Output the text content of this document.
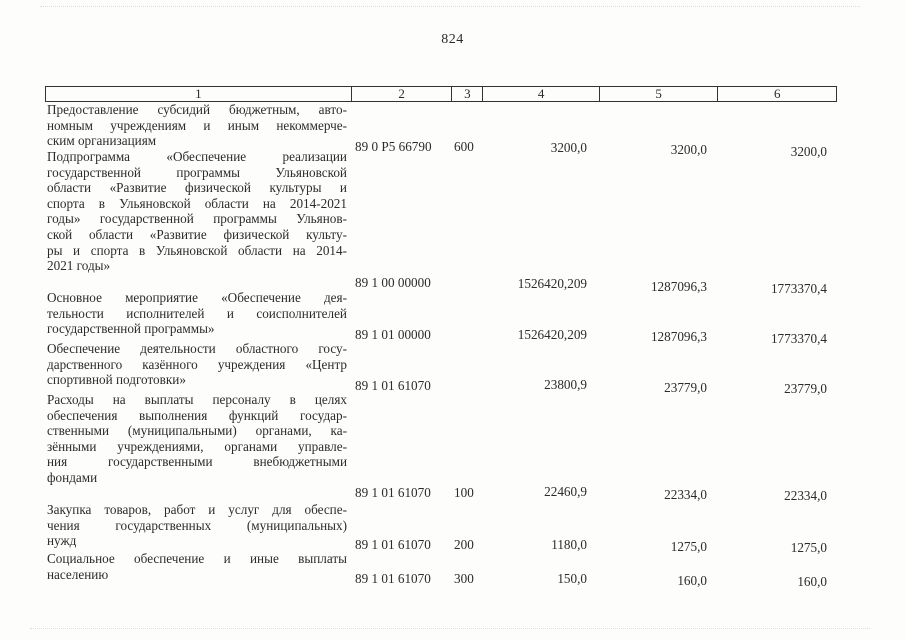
824
1	2	3	4	5	6
Предоставление субсидий бюджетным, авто-
номным учреждениям и иным некоммерче-
ским организациям	89 0 Р5 66790 600	3200,0	3200,0	3200,0
Подпрограмма «Обеспечение реализации
государственной программы Ульяновской
области «Развитие физической культуры и
спорта в Ульяновской области на 2014-2021
годы» государственной программы Ульянов-
ской области «Развитие физической культу-
ры и спорта в Ульяновской области на 2014-
2021 годы»
89 1 00 00000	1526420,209	1287096,3	1773370,4
Основное мероприятие «Обеспечение дея-
тельности исполнителей и соисполнителей
государственной программы»	89 1 01 00000	1526420,209	1287096,3	1773370,4
Обеспечение деятельности областного госу-
дарственного казённого учреждения «Центр
спортивной подготовки»	89 1 01 61070	23800,9	23779,0	23779,0
Расходы на выплаты персоналу в целях
обеспечения выполнения функций государ-
ственными (муниципальными) органами, ка-
зёнными учреждениями, органами управле-
ния государственными внебюджетными
фондами
89 1 01 61070 100	22460,9	22334,0	22334,0
Закупка товаров, работ и услуг для обеспе-
чения государственных (муниципальных)
нужд	89 1 01 61070 200	1180,0	1275,0	1275,0
Социальное обеспечение и иные выплаты
населению	89 1 01 61070 300	150,0	160,0	160,0
